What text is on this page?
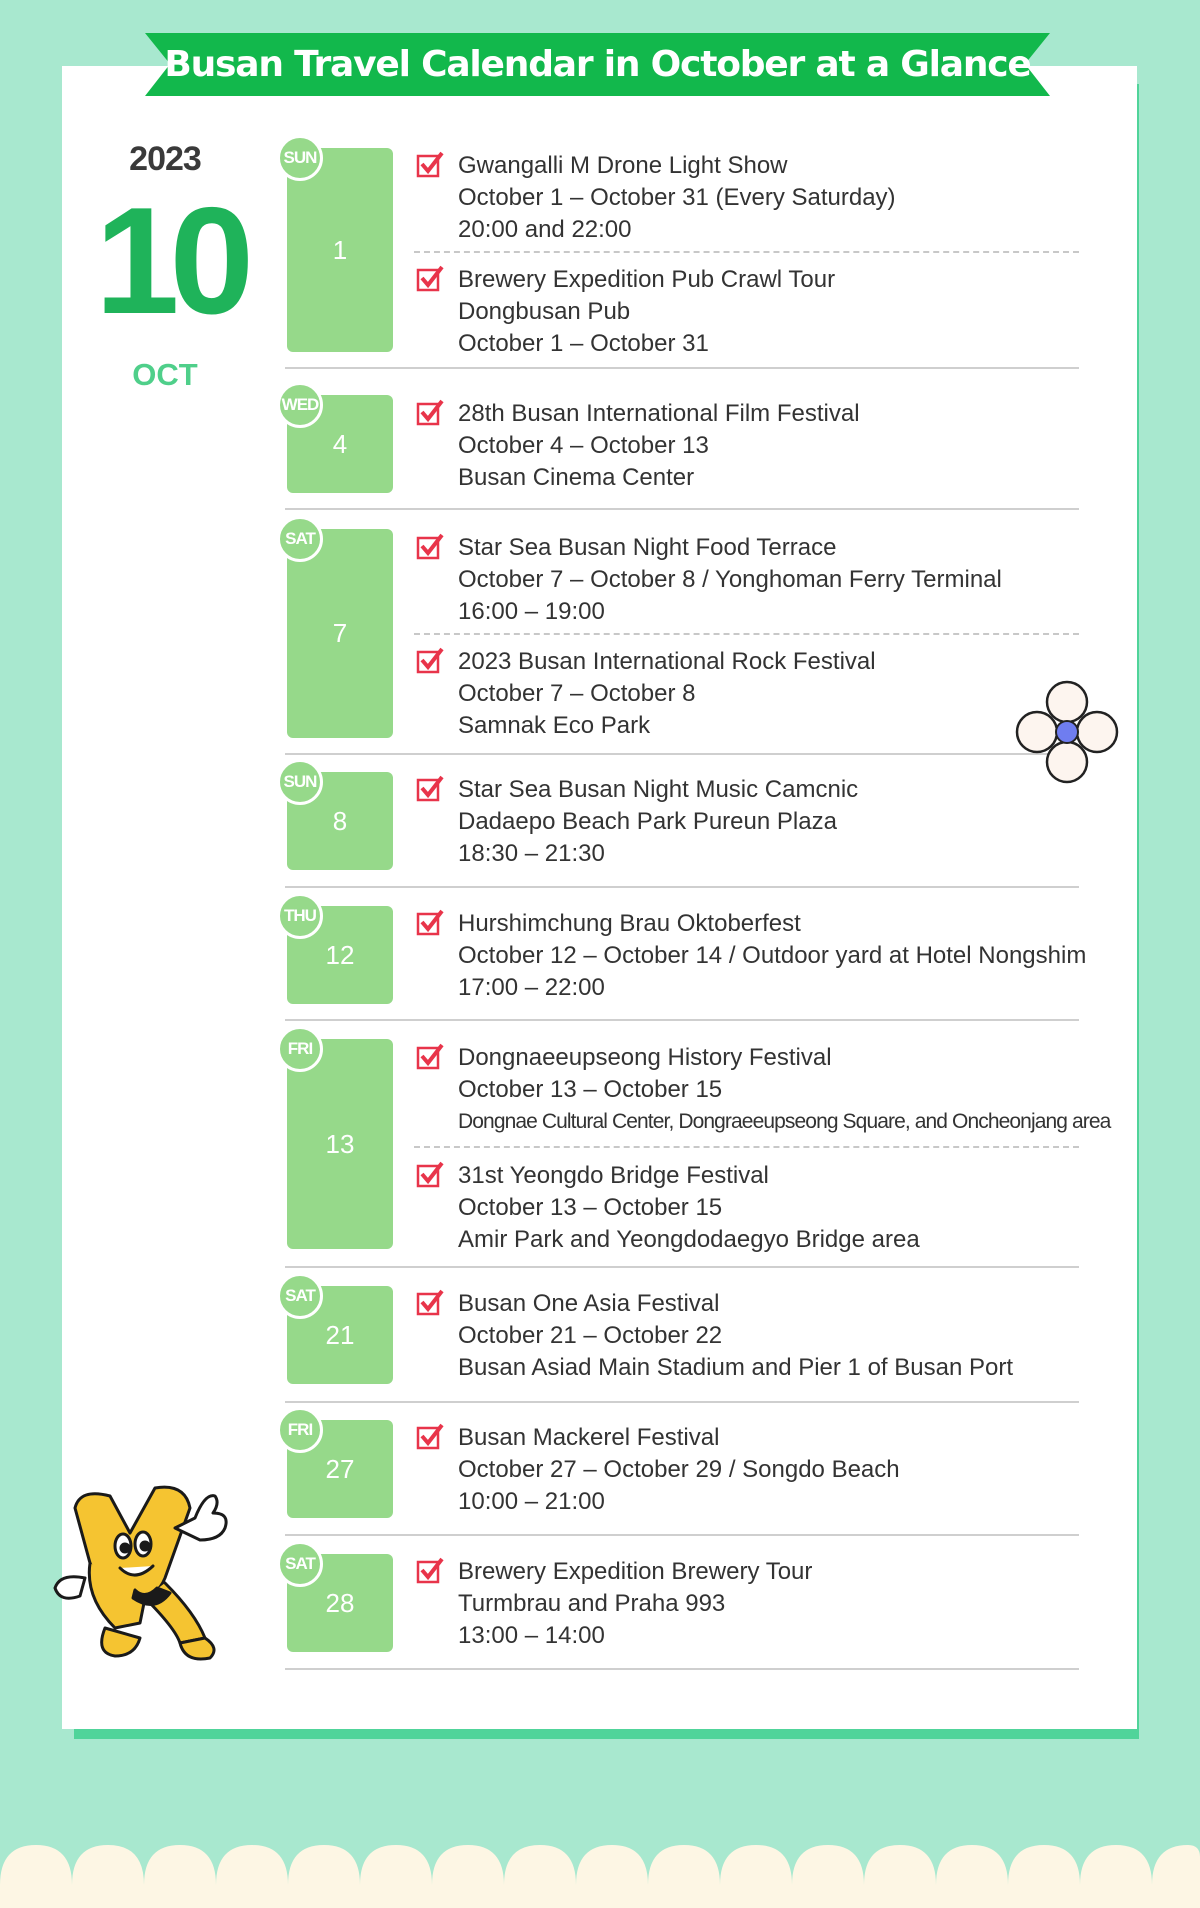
Busan Travel Calendar in October at a Glance
2023
10
OCT
1
SUN	Gwangalli M Drone Light Show
October 1 – October 31 (Every Saturday)
20:00 and 22:00
Brewery Expedition Pub Crawl Tour
Dongbusan Pub
October 1 – October 31
4
WED	28th Busan International Film Festival
October 4 – October 13
Busan Cinema Center
7
SAT	Star Sea Busan Night Food Terrace
October 7 – October 8 / Yonghoman Ferry Terminal
16:00 – 19:00
2023 Busan International Rock Festival
October 7 – October 8
Samnak Eco Park
8
SUN	Star Sea Busan Night Music Camcnic
Dadaepo Beach Park Pureun Plaza
18:30 – 21:30
12
THU	Hurshimchung Brau Oktoberfest
October 12 – October 14 / Outdoor yard at Hotel Nongshim
17:00 – 22:00
13
FRI	Dongnaeeupseong History Festival
October 13 – October 15
Dongnae Cultural Center, Dongraeeupseong Square, and Oncheonjang area
31st Yeongdo Bridge Festival
October 13 – October 15
Amir Park and Yeongdodaegyo Bridge area
21
SAT	Busan One Asia Festival
October 21 – October 22
Busan Asiad Main Stadium and Pier 1 of Busan Port
27
FRI	Busan Mackerel Festival
October 27 – October 29 / Songdo Beach
10:00 – 21:00
28
SAT	Brewery Expedition Brewery Tour
Turmbrau and Praha 993
13:00 – 14:00
